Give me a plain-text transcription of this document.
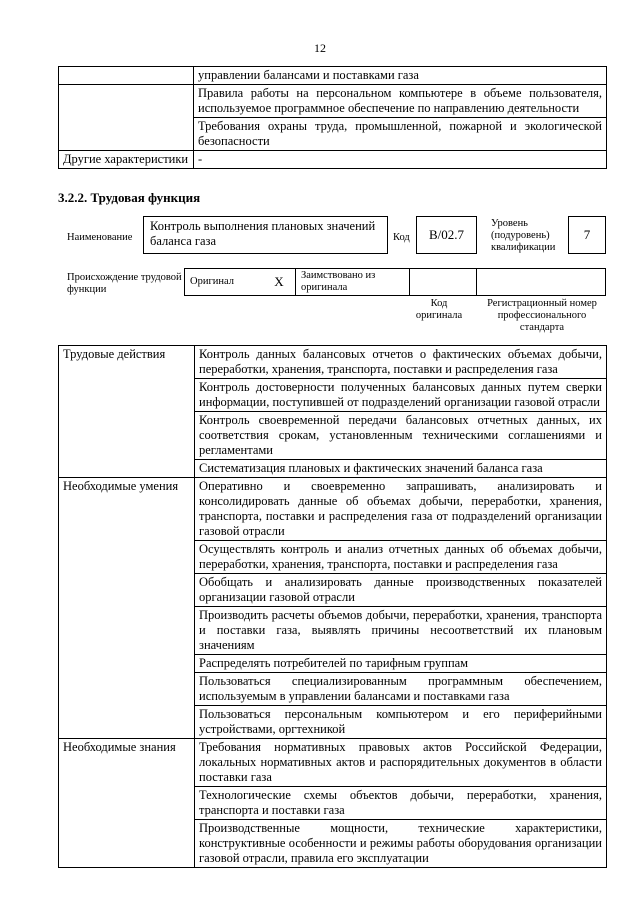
12
	управлении балансами и поставками газа
	Правила работы на персональном компьютере в объеме пользователя, используемое программное обеспечение по направлению деятельности
	Требования охраны труда, промышленной, пожарной и экологической безопасности
Другие характеристики	-
3.2.2. Трудовая функция
Наименование
Контроль выполнения плановых значений баланса газа	Код	В/02.7
Уровень (подуровень) квалификации
7
Происхождение трудовой функции
Оригинал	X	Заимствовано из оригинала		
Код оригинала
Регистрационный номер профессионального стандарта
Трудовые действия	Контроль данных балансовых отчетов о фактических объемах добычи, переработки, хранения, транспорта, поставки и распределения газа
	Контроль достоверности полученных балансовых данных путем сверки информации, поступившей от подразделений организации газовой отрасли
	Контроль своевременной передачи балансовых отчетных данных, их соответствия срокам, установленным техническими соглашениями и регламентами
	Систематизация плановых и фактических значений баланса газа
Необходимые умения	Оперативно и своевременно запрашивать, анализировать и консолидировать данные об объемах добычи, переработки, хранения, транспорта, поставки и распределения газа от подразделений организации газовой отрасли
	Осуществлять контроль и анализ отчетных данных об объемах добычи, переработки, хранения, транспорта, поставки и распределения газа
	Обобщать и анализировать данные производственных показателей организации газовой отрасли
	Производить расчеты объемов добычи, переработки, хранения, транспорта и поставки газа, выявлять причины несоответствий их плановым значениям
	Распределять потребителей по тарифным группам
	Пользоваться специализированным программным обеспечением, используемым в управлении балансами и поставками газа
	Пользоваться персональным компьютером и его периферийными устройствами, оргтехникой
Необходимые знания	Требования нормативных правовых актов Российской Федерации, локальных нормативных актов и распорядительных документов в области поставки газа
	Технологические схемы объектов добычи, переработки, хранения, транспорта и поставки газа
	Производственные мощности, технические характеристики, конструктивные особенности и режимы работы оборудования организации газовой отрасли, правила его эксплуатации
